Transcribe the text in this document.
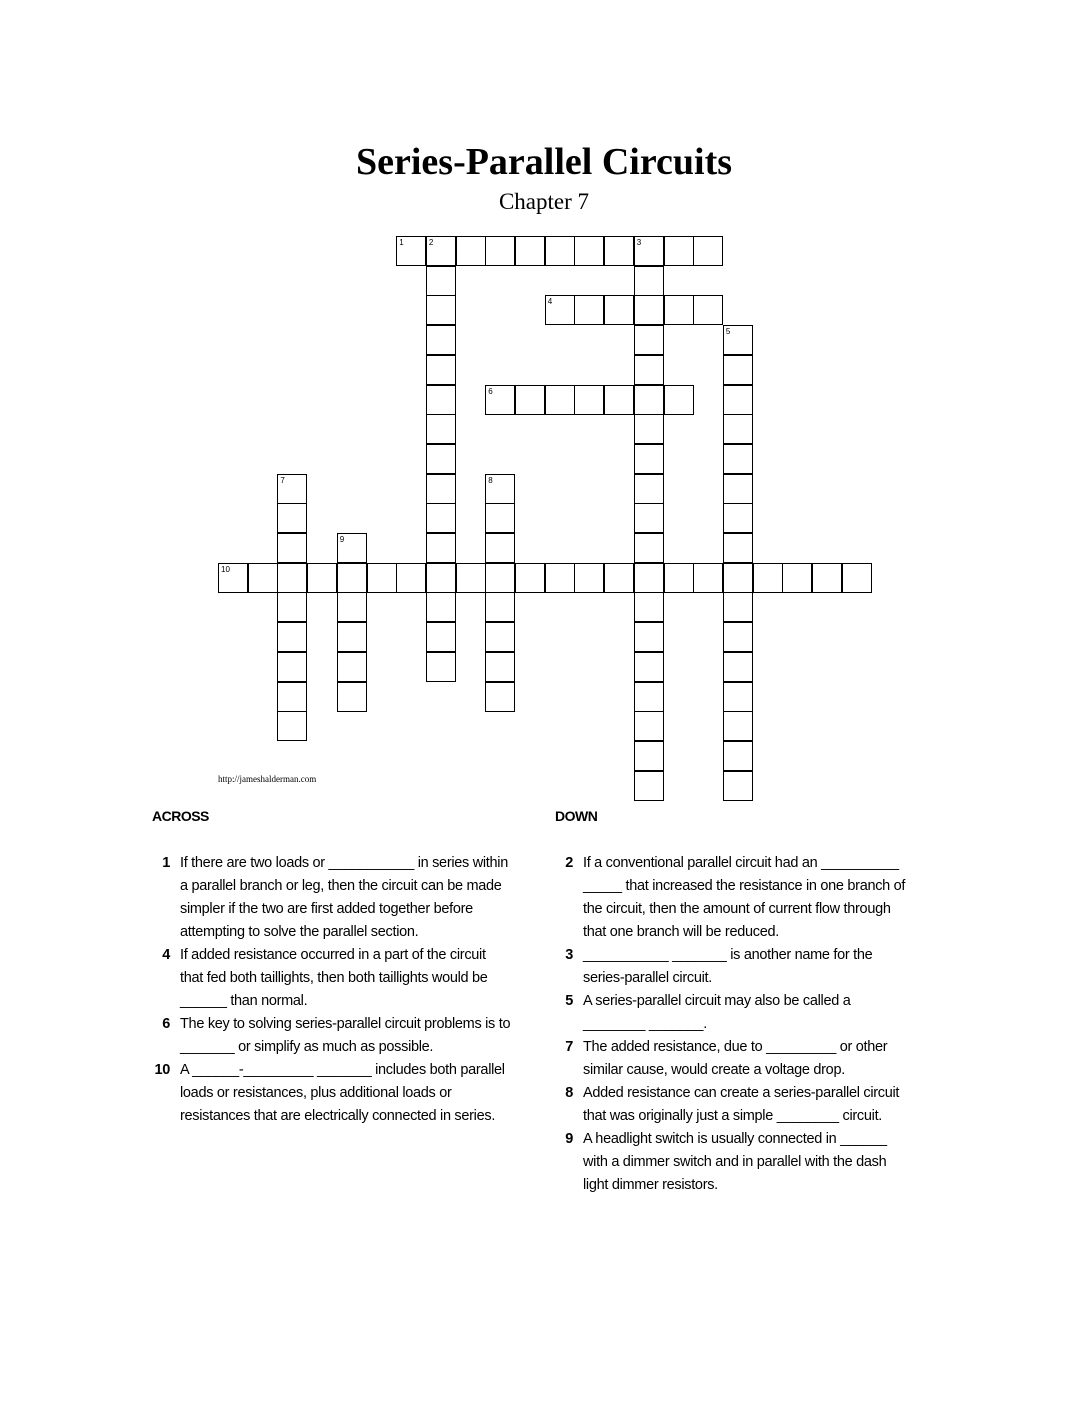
Series-Parallel Circuits
Chapter 7
1	2	3
4
5
6
7	8
9
10
http://jameshalderman.com
ACROSS	DOWN
1 If there are two loads or ___________ in series within a parallel branch or leg, then the circuit can be made simpler if the two are first added together before attempting to solve the parallel section.
4 If added resistance occurred in a part of the circuit that fed both taillights, then both taillights would be ______ than normal.
6 The key to solving series-parallel circuit problems is to _______ or simplify as much as possible.
10 A ______-_________ _______ includes both parallel loads or resistances, plus additional loads or resistances that are electrically connected in series.
2 If a conventional parallel circuit had an __________ _____ that increased the resistance in one branch of the circuit, then the amount of current flow through that one branch will be reduced.
3 ___________ _______ is another name for the series-parallel circuit.
5 A series-parallel circuit may also be called a ________ _______.
7 The added resistance, due to _________ or other similar cause, would create a voltage drop.
8 Added resistance can create a series-parallel circuit that was originally just a simple ________ circuit.
9 A headlight switch is usually connected in ______ with a dimmer switch and in parallel with the dash light dimmer resistors.
